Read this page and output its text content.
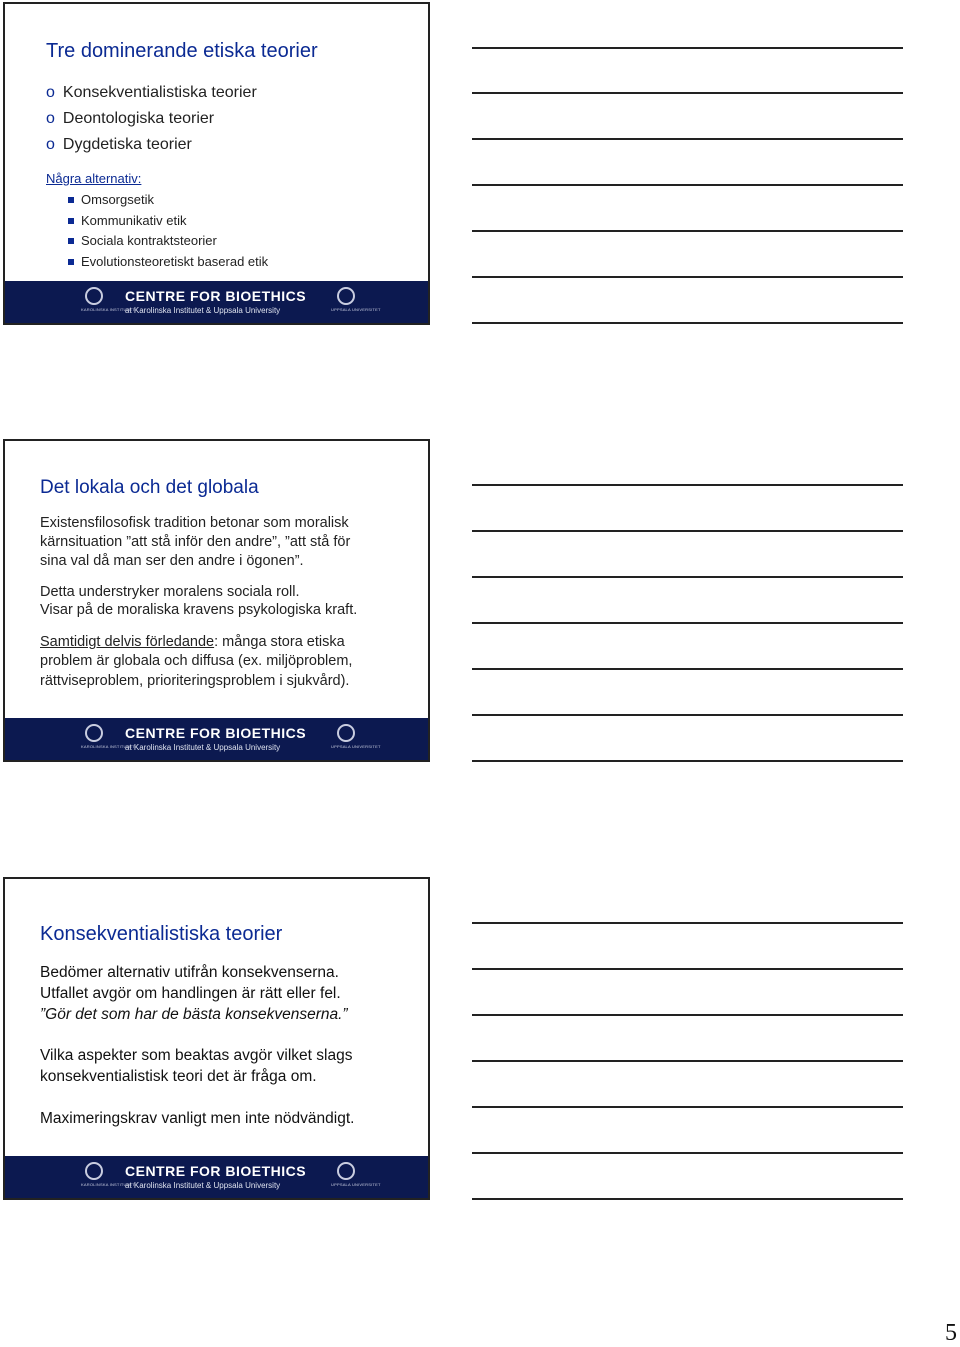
Tre dominerande etiska teorier
o Konsekventialistiska teorier
o Deontologiska teorier
o Dygdetiska teorier
Några alternativ:
Omsorgsetik
Kommunikativ etik
Sociala kontraktsteorier
Evolutionsteoretiskt baserad etik
KAROLINSKA INSTITUTET
CENTRE FOR BIOETHICS
at Karolinska Institutet & Uppsala University	UPPSALA UNIVERSITET
Det lokala och det globala
Existensfilosofisk tradition betonar som moralisk
kärnsituation ”att stå inför den andre”, ”att stå för
sina val då man ser den andre i ögonen”.
Detta understryker moralens sociala roll.
Visar på de moraliska kravens psykologiska kraft.
Samtidigt delvis förledande: många stora etiska
problem är globala och diffusa (ex. miljöproblem,
rättviseproblem, prioriteringsproblem i sjukvård).
KAROLINSKA INSTITUTET
CENTRE FOR BIOETHICS
at Karolinska Institutet & Uppsala University	UPPSALA UNIVERSITET
Konsekventialistiska teorier
Bedömer alternativ utifrån konsekvenserna.
Utfallet avgör om handlingen är rätt eller fel.
”Gör det som har de bästa konsekvenserna.”
Vilka aspekter som beaktas avgör vilket slags
konsekventialistisk teori det är fråga om.
Maximeringskrav vanligt men inte nödvändigt.
KAROLINSKA INSTITUTET
CENTRE FOR BIOETHICS
at Karolinska Institutet & Uppsala University	UPPSALA UNIVERSITET
5
